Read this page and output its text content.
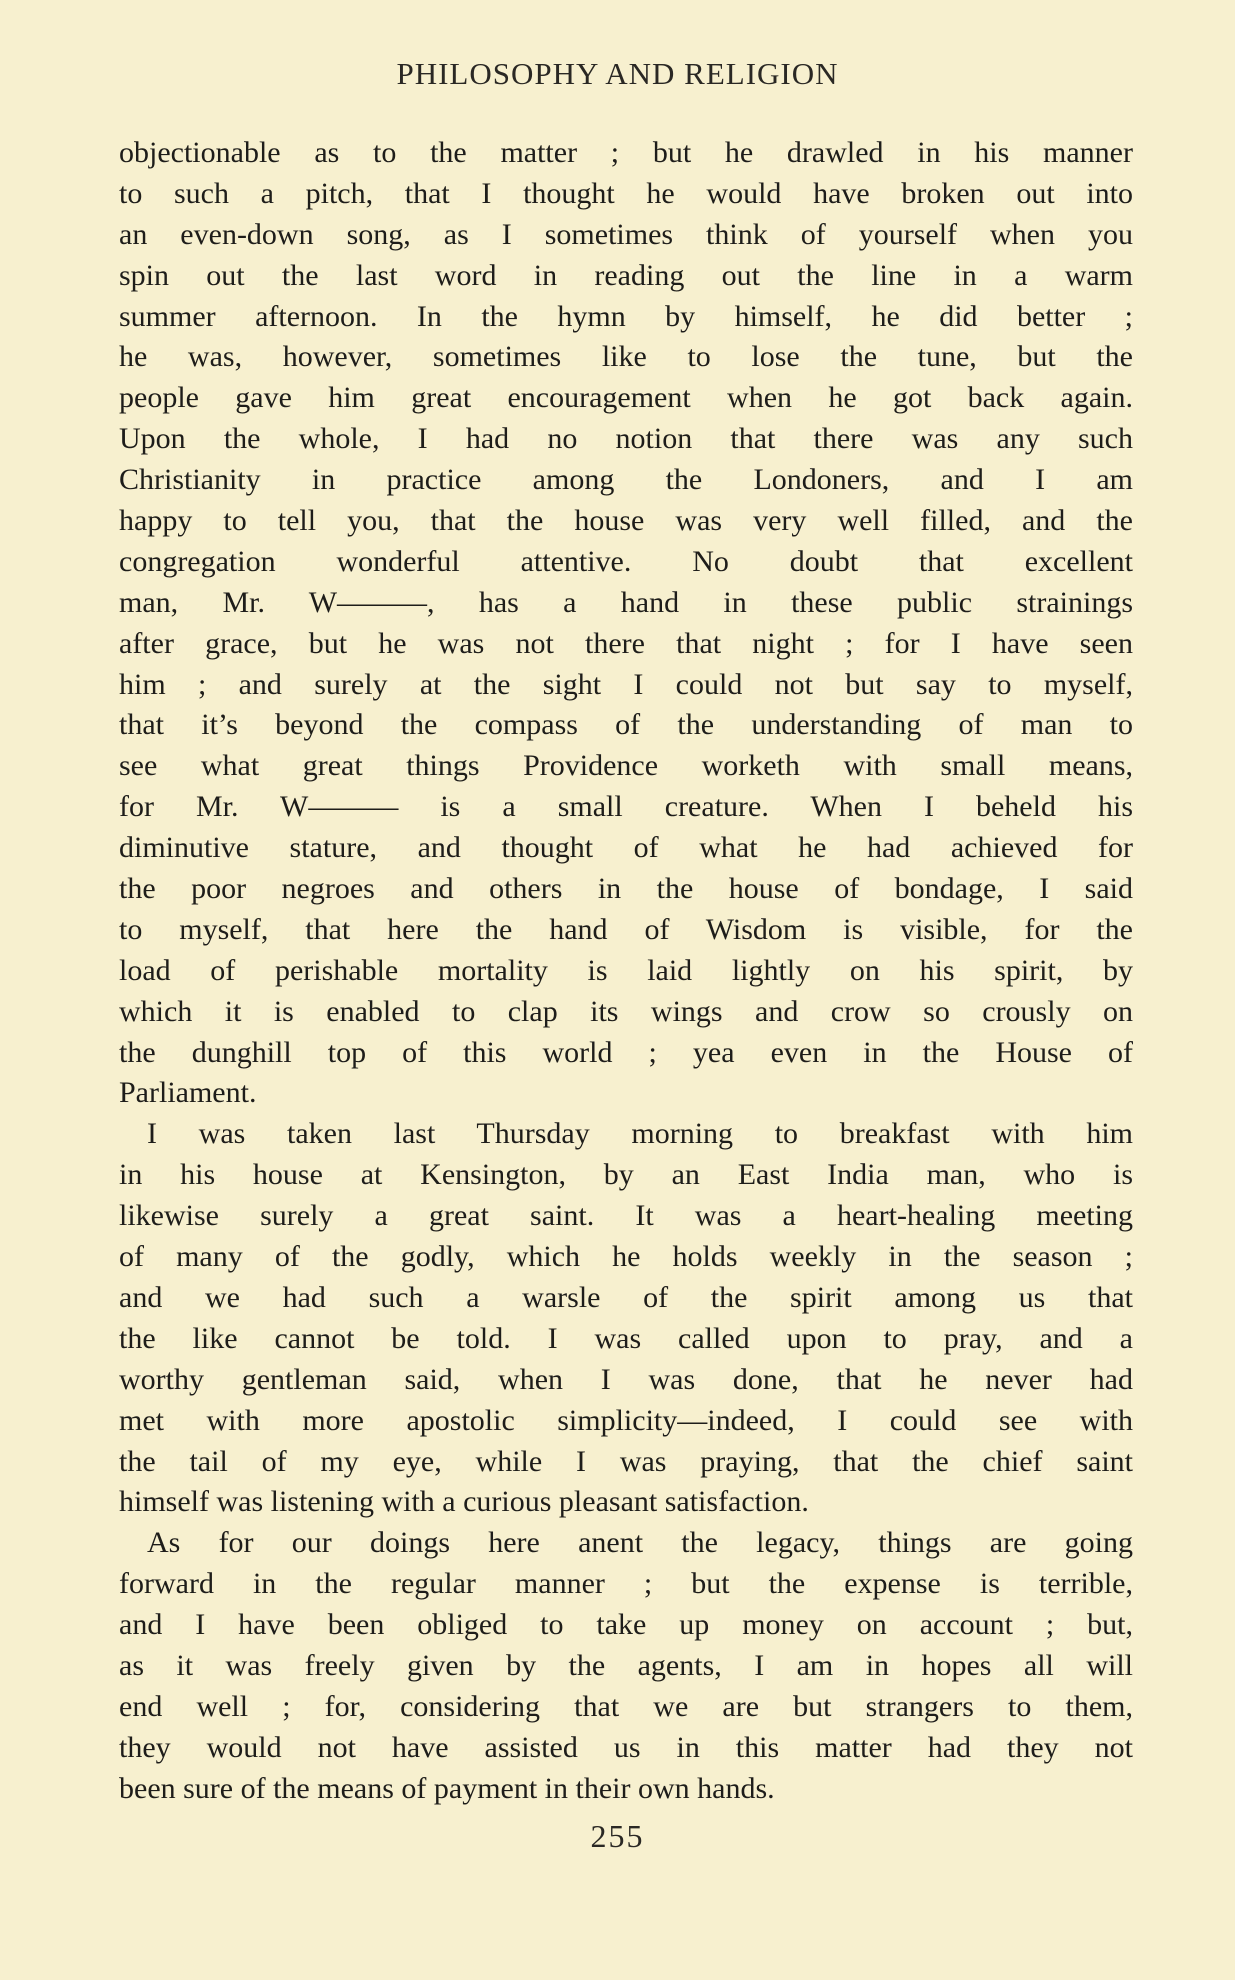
PHILOSOPHY AND RELIGION
objectionable as to the matter ; but he drawled in his manner
to such a pitch, that I thought he would have broken out into
an even-down song, as I sometimes think of yourself when you
spin out the last word in reading out the line in a warm
summer afternoon. In the hymn by himself, he did better ;
he was, however, sometimes like to lose the tune, but the
people gave him great encouragement when he got back again.
Upon the whole, I had no notion that there was any such
Christianity in practice among the Londoners, and I am
happy to tell you, that the house was very well filled, and the
congregation wonderful attentive. No doubt that excellent
man, Mr. W———, has a hand in these public strainings
after grace, but he was not there that night ; for I have seen
him ; and surely at the sight I could not but say to myself,
that it’s beyond the compass of the understanding of man to
see what great things Providence worketh with small means,
for Mr. W——— is a small creature. When I beheld his
diminutive stature, and thought of what he had achieved for
the poor negroes and others in the house of bondage, I said
to myself, that here the hand of Wisdom is visible, for the
load of perishable mortality is laid lightly on his spirit, by
which it is enabled to clap its wings and crow so crously on
the dunghill top of this world ; yea even in the House of
Parliament.
I was taken last Thursday morning to breakfast with him
in his house at Kensington, by an East India man, who is
likewise surely a great saint. It was a heart-healing meeting
of many of the godly, which he holds weekly in the season ;
and we had such a warsle of the spirit among us that
the like cannot be told. I was called upon to pray, and a
worthy gentleman said, when I was done, that he never had
met with more apostolic simplicity—indeed, I could see with
the tail of my eye, while I was praying, that the chief saint
himself was listening with a curious pleasant satisfaction.
As for our doings here anent the legacy, things are going
forward in the regular manner ; but the expense is terrible,
and I have been obliged to take up money on account ; but,
as it was freely given by the agents, I am in hopes all will
end well ; for, considering that we are but strangers to them,
they would not have assisted us in this matter had they not
been sure of the means of payment in their own hands.
255
